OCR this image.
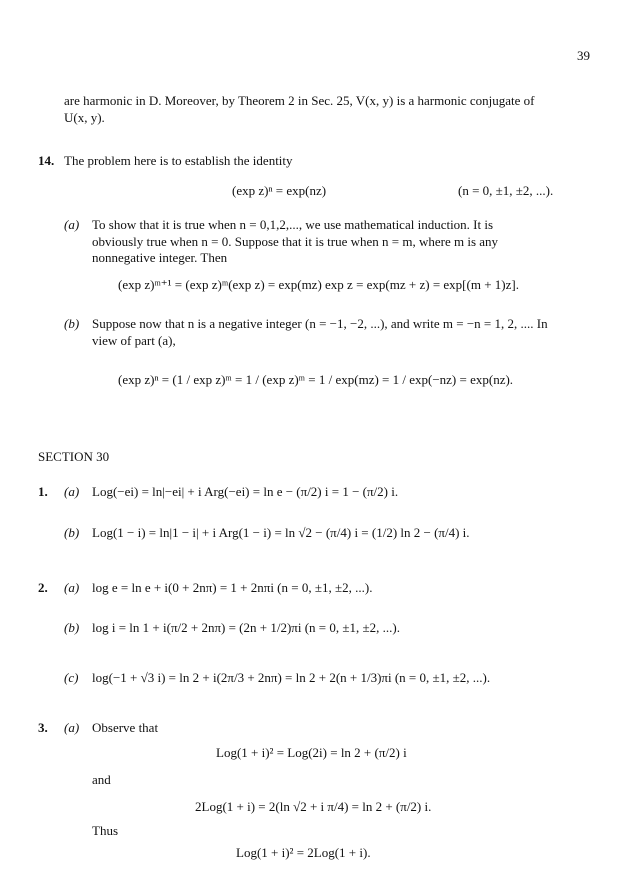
39
are harmonic in D. Moreover, by Theorem 2 in Sec. 25, V(x, y) is a harmonic conjugate of
U(x, y).
14. The problem here is to establish the identity
(exp z)ⁿ = exp(nz)	(n = 0, ±1, ±2, ...).
(a) To show that it is true when n = 0,1,2,..., we use mathematical induction. It is
obviously true when n = 0. Suppose that it is true when n = m, where m is any
nonnegative integer. Then
(exp z)ᵐ⁺¹ = (exp z)ᵐ(exp z) = exp(mz) exp z = exp(mz + z) = exp[(m + 1)z].
(b) Suppose now that n is a negative integer (n = −1, −2, ...), and write m = −n = 1, 2, .... In
view of part (a),
(exp z)ⁿ = (1 / exp z)ᵐ = 1 / (exp z)ᵐ = 1 / exp(mz) = 1 / exp(−nz) = exp(nz).
SECTION 30
1. (a) Log(−ei) = ln|−ei| + i Arg(−ei) = ln e − (π/2) i = 1 − (π/2) i.
(b) Log(1 − i) = ln|1 − i| + i Arg(1 − i) = ln √2 − (π/4) i = (1/2) ln 2 − (π/4) i.
2. (a) log e = ln e + i(0 + 2nπ) = 1 + 2nπi (n = 0, ±1, ±2, ...).
(b) log i = ln 1 + i(π/2 + 2nπ) = (2n + 1/2)πi (n = 0, ±1, ±2, ...).
(c) log(−1 + √3 i) = ln 2 + i(2π/3 + 2nπ) = ln 2 + 2(n + 1/3)πi (n = 0, ±1, ±2, ...).
3. (a) Observe that
Log(1 + i)² = Log(2i) = ln 2 + (π/2) i
and
2Log(1 + i) = 2(ln √2 + i π/4) = ln 2 + (π/2) i.
Thus
Log(1 + i)² = 2Log(1 + i).
